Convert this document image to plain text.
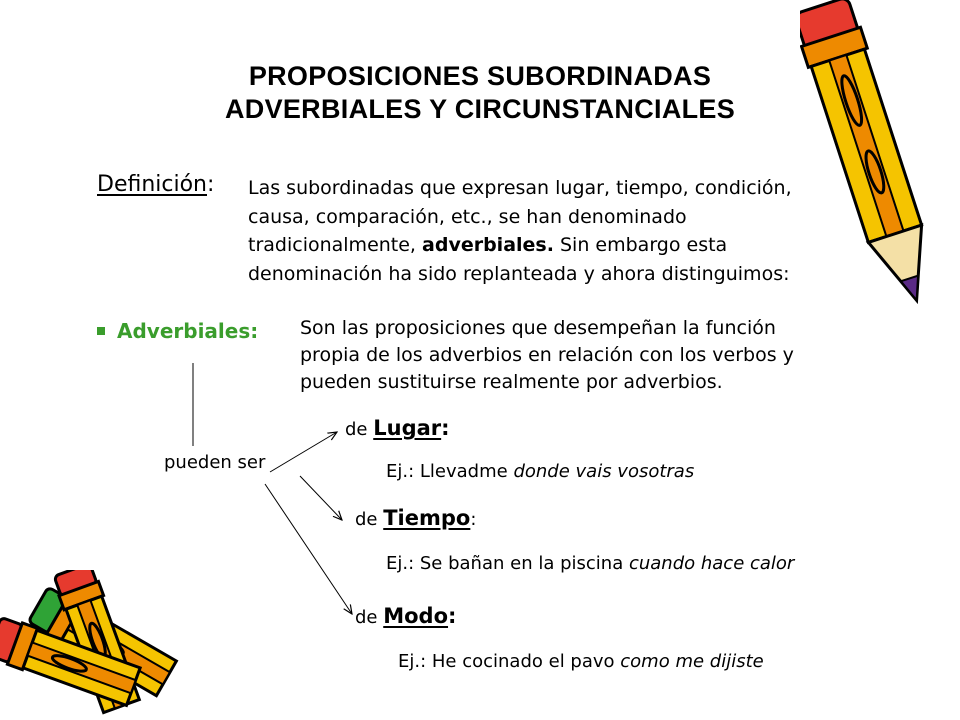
PROPOSICIONES SUBORDINADAS
ADVERBIALES Y CIRCUNSTANCIALES
Definición: Las subordinadas que expresan lugar, tiempo, condición,
causa, comparación, etc., se han denominado
tradicionalmente, adverbiales. Sin embargo esta
denominación ha sido replanteada y ahora distinguimos:
Adverbiales: Son las proposiciones que desempeñan la función
propia de los adverbios en relación con los verbos y
pueden sustituirse realmente por adverbios.
pueden ser
de Lugar:
Ej.: Llevadme donde vais vosotras
de Tiempo:
Ej.: Se bañan en la piscina cuando hace calor
de Modo:
Ej.: He cocinado el pavo como me dijiste
